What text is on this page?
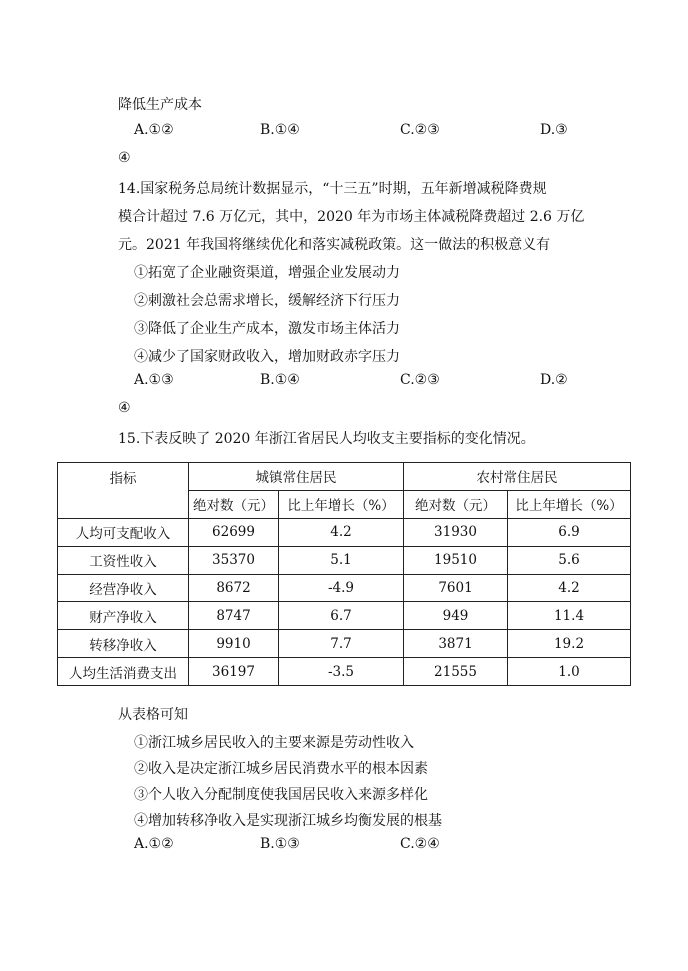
降低生产成本
A.①②	B.①④	C.②③	D.③
④
14.国家税务总局统计数据显示，“十三五”时期，五年新增减税降费规
模合计超过 7.6 万亿元，其中，2020 年为市场主体减税降费超过 2.6 万亿
元。2021 年我国将继续优化和落实减税政策。这一做法的积极意义有
①拓宽了企业融资渠道，增强企业发展动力
②刺激社会总需求增长，缓解经济下行压力
③降低了企业生产成本，激发市场主体活力
④减少了国家财政收入，增加财政赤字压力
A.①③	B.①④	C.②③	D.②
④
15.下表反映了 2020 年浙江省居民人均收支主要指标的变化情况。
指标	城镇常住居民		农村常住居民	
	绝对数（元）	比上年增长（%）	绝对数（元）	比上年增长（%）
人均可支配收入	62699	4.2	31930	6.9
工资性收入	35370	5.1	19510	5.6
经营净收入	8672	-4.9	7601	4.2
财产净收入	8747	6.7	949	11.4
转移净收入	9910	7.7	3871	19.2
人均生活消费支出	36197	-3.5	21555	1.0
从表格可知
①浙江城乡居民收入的主要来源是劳动性收入
②收入是决定浙江城乡居民消费水平的根本因素
③个人收入分配制度使我国居民收入来源多样化
④增加转移净收入是实现浙江城乡均衡发展的根基
A.①②	B.①③	C.②④
